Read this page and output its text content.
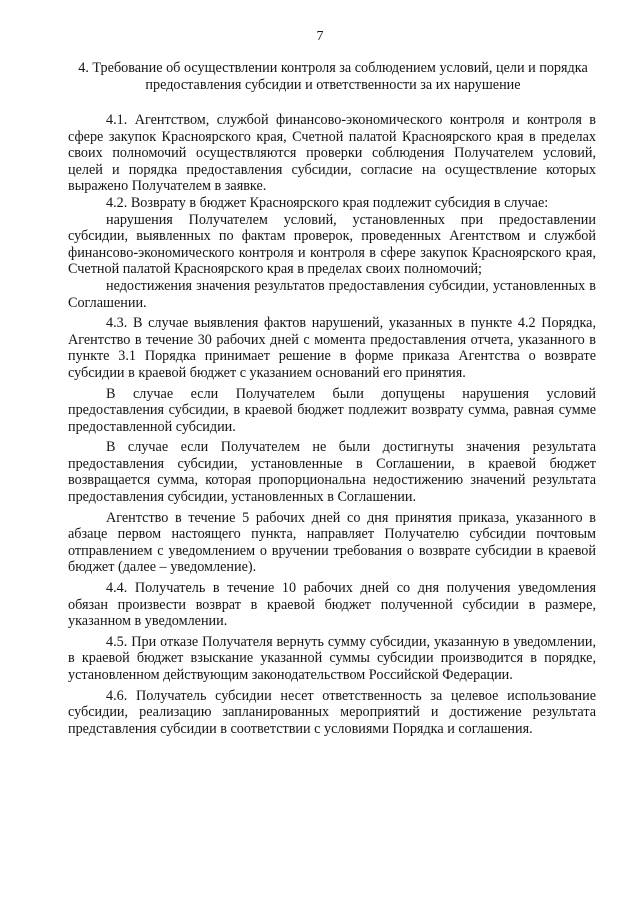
7
4. Требование об осуществлении контроля за соблюдением условий, цели и порядка предоставления субсидии и ответственности за их нарушение

4.1. Агентством, службой финансово-экономического контроля и контроля в сфере закупок Красноярского края, Счетной палатой Красноярского края в пределах своих полномочий осуществляются проверки соблюдения Получателем условий, целей и порядка предоставления субсидии, согласие на осуществление которых выражено Получателем в заявке.

4.2. Возврату в бюджет Красноярского края подлежит субсидия в случае:

нарушения Получателем условий, установленных при предоставлении субсидии, выявленных по фактам проверок, проведенных Агентством и службой финансово-экономического контроля и контроля в сфере закупок Красноярского края, Счетной палатой Красноярского края в пределах своих полномочий;

недостижения значения результатов предоставления субсидии, установленных в Соглашении.

4.3. В случае выявления фактов нарушений, указанных в пункте 4.2 Порядка, Агентство в течение 30 рабочих дней с момента предоставления отчета, указанного в пункте 3.1 Порядка принимает решение в форме приказа Агентства о возврате субсидии в краевой бюджет с указанием оснований его принятия.

В случае если Получателем были допущены нарушения условий предоставления субсидии, в краевой бюджет подлежит возврату сумма, равная сумме предоставленной субсидии.

В случае если Получателем не были достигнуты значения результата предоставления субсидии, установленные в Соглашении, в краевой бюджет возвращается сумма, которая пропорциональна недостижению значений результата предоставления субсидии, установленных в Соглашении.

Агентство в течение 5 рабочих дней со дня принятия приказа, указанного в абзаце первом настоящего пункта, направляет Получателю субсидии почтовым отправлением с уведомлением о вручении требования о возврате субсидии в краевой бюджет (далее – уведомление).

4.4. Получатель в течение 10 рабочих дней со дня получения уведомления обязан произвести возврат в краевой бюджет полученной субсидии в размере, указанном в уведомлении.

4.5. При отказе Получателя вернуть сумму субсидии, указанную в уведомлении, в краевой бюджет взыскание указанной суммы субсидии производится в порядке, установленном действующим законодательством Российской Федерации.

4.6. Получатель субсидии несет ответственность за целевое использование субсидии, реализацию запланированных мероприятий и достижение результата представления субсидии в соответствии с условиями Порядка и соглашения.
